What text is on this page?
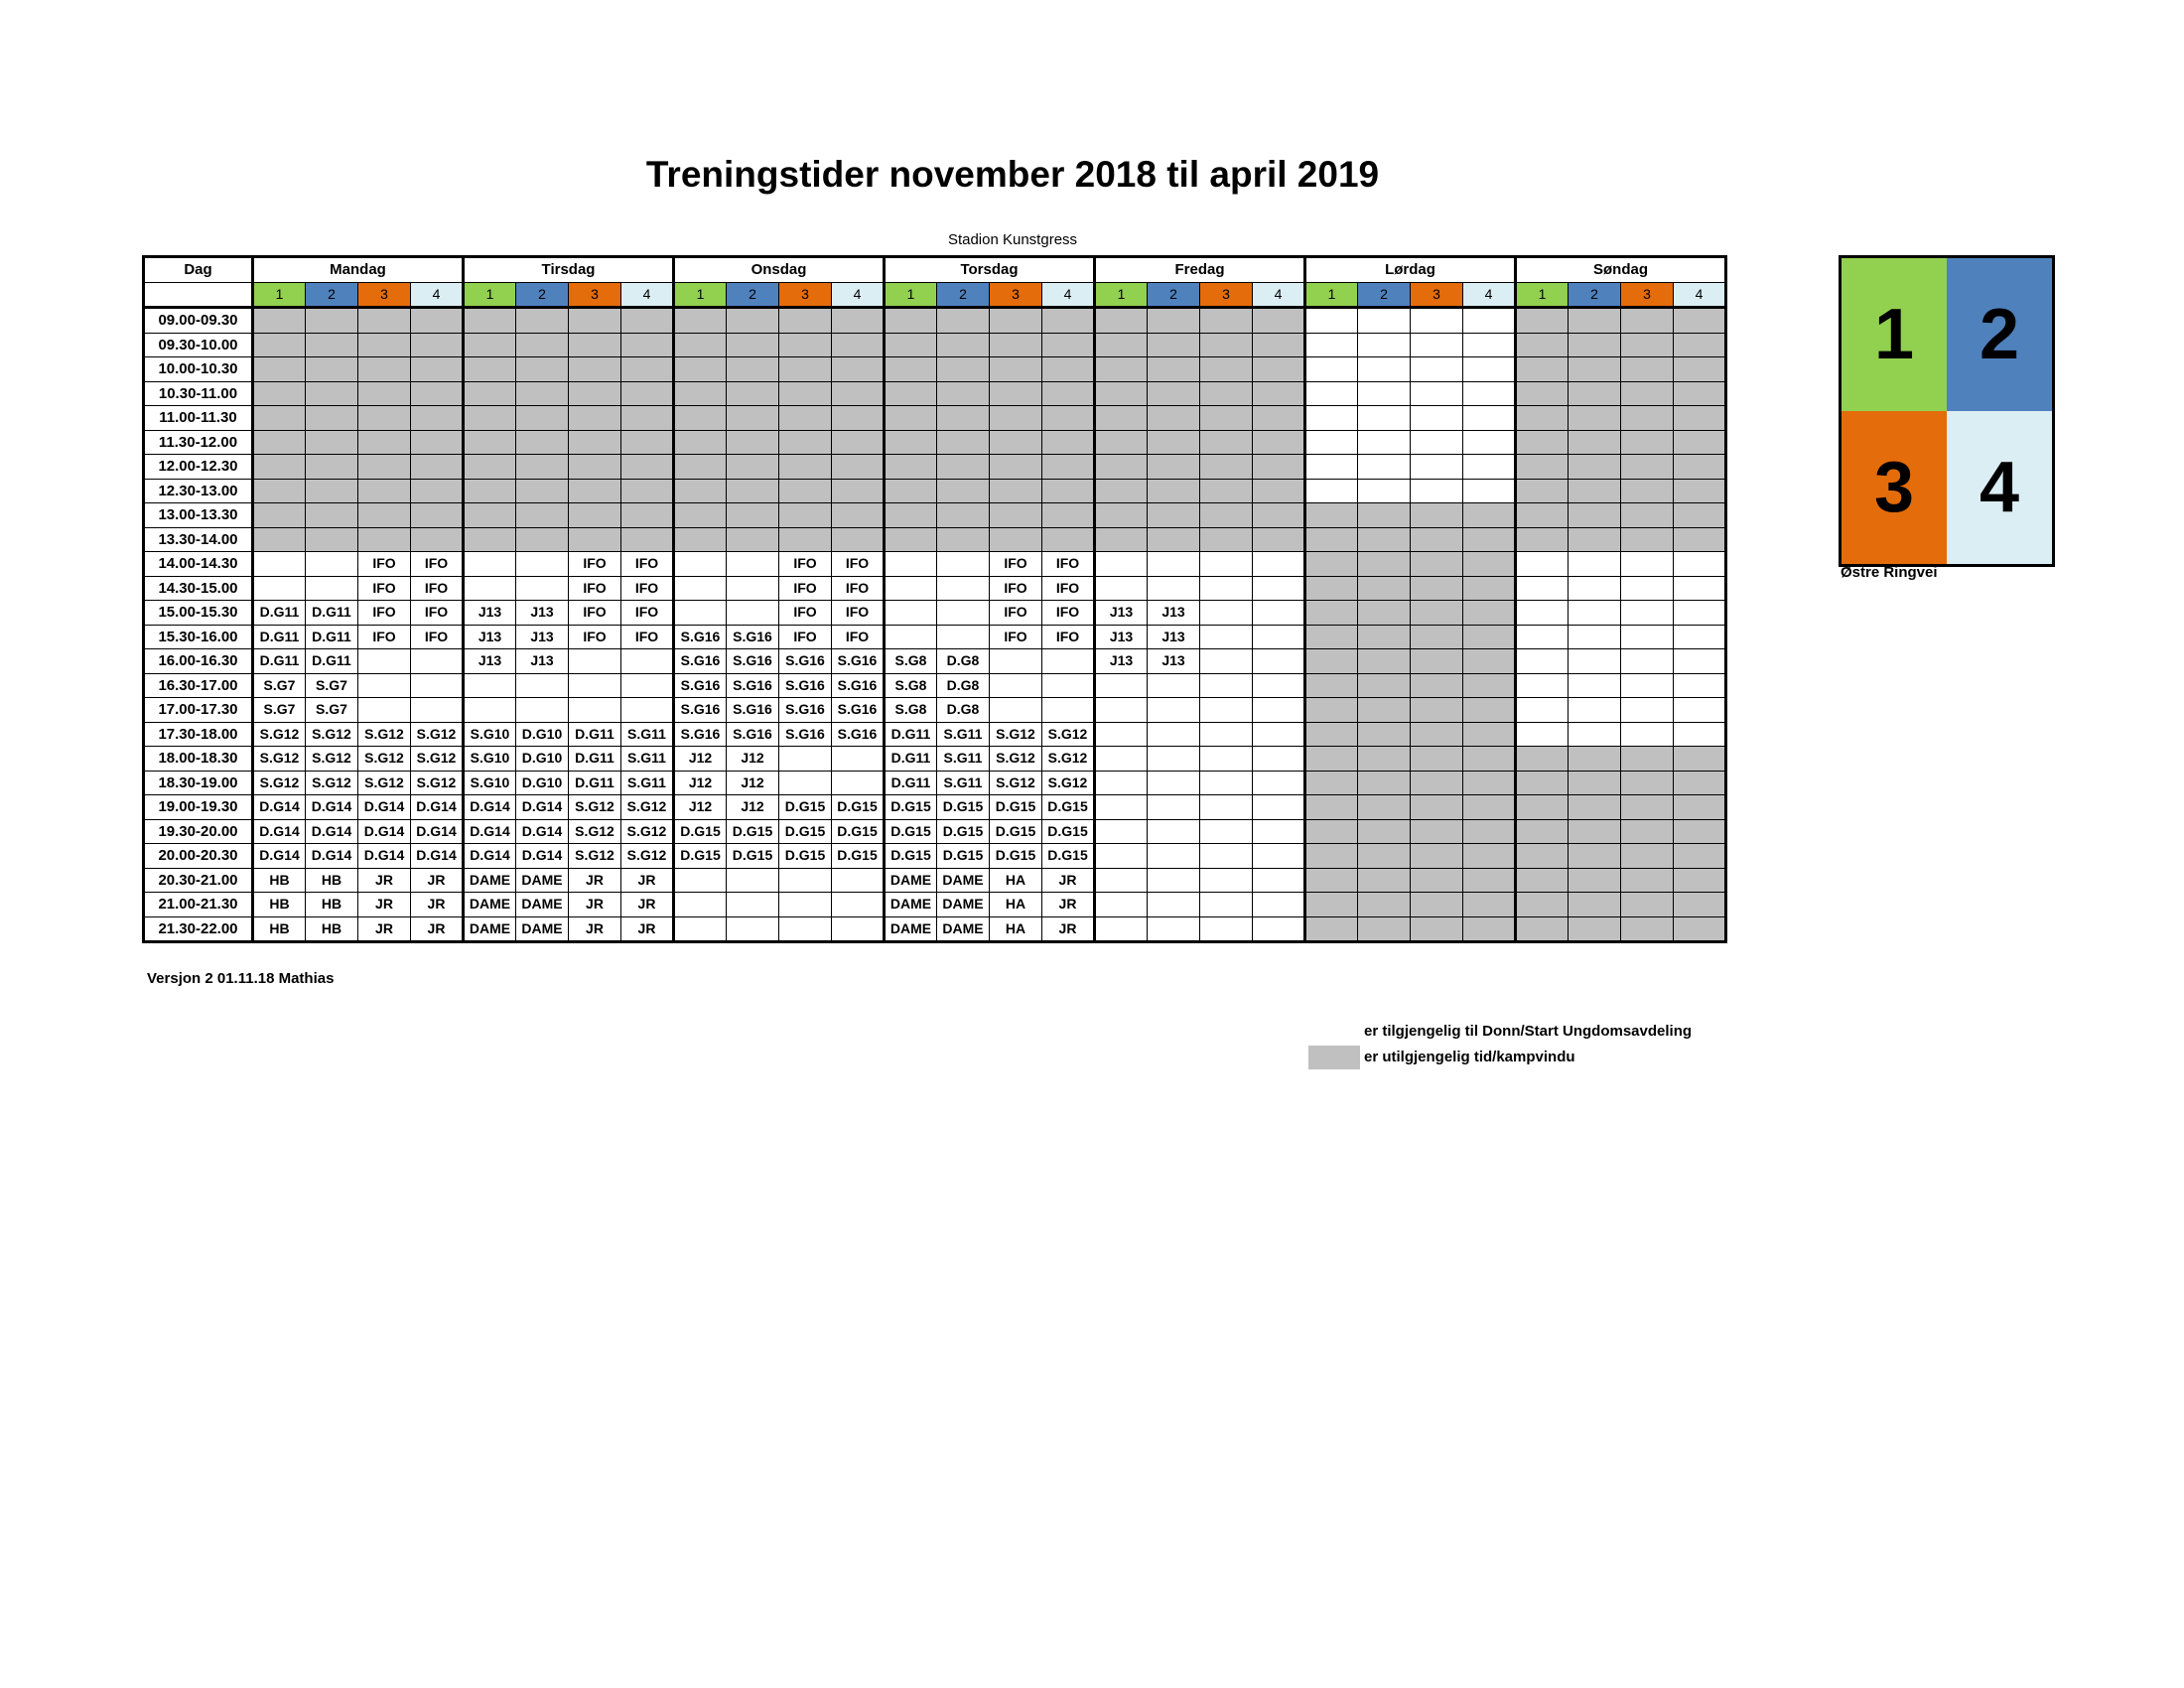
Treningstider november 2018 til april 2019
Stadion Kunstgress
Dag	Mandag				Tirsdag				Onsdag				Torsdag				Fredag				Lørdag				Søndag			
	1	2	3	4	1	2	3	4	1	2	3	4	1	2	3	4	1	2	3	4	1	2	3	4	1	2	3	4
09.00-09.30																												
09.30-10.00																												
10.00-10.30																												
10.30-11.00																												
11.00-11.30																												
11.30-12.00																												
12.00-12.30																												
12.30-13.00																												
13.00-13.30																												
13.30-14.00																												
14.00-14.30			IFO	IFO			IFO	IFO			IFO	IFO			IFO	IFO												
14.30-15.00			IFO	IFO			IFO	IFO			IFO	IFO			IFO	IFO												
15.00-15.30	D.G11	D.G11	IFO	IFO	J13	J13	IFO	IFO			IFO	IFO			IFO	IFO	J13	J13										
15.30-16.00	D.G11	D.G11	IFO	IFO	J13	J13	IFO	IFO	S.G16	S.G16	IFO	IFO			IFO	IFO	J13	J13										
16.00-16.30	D.G11	D.G11			J13	J13			S.G16	S.G16	S.G16	S.G16	S.G8	D.G8			J13	J13										
16.30-17.00	S.G7	S.G7							S.G16	S.G16	S.G16	S.G16	S.G8	D.G8														
17.00-17.30	S.G7	S.G7							S.G16	S.G16	S.G16	S.G16	S.G8	D.G8														
17.30-18.00	S.G12	S.G12	S.G12	S.G12	S.G10	D.G10	D.G11	S.G11	S.G16	S.G16	S.G16	S.G16	D.G11	S.G11	S.G12	S.G12												
18.00-18.30	S.G12	S.G12	S.G12	S.G12	S.G10	D.G10	D.G11	S.G11	J12	J12			D.G11	S.G11	S.G12	S.G12												
18.30-19.00	S.G12	S.G12	S.G12	S.G12	S.G10	D.G10	D.G11	S.G11	J12	J12			D.G11	S.G11	S.G12	S.G12												
19.00-19.30	D.G14	D.G14	D.G14	D.G14	D.G14	D.G14	S.G12	S.G12	J12	J12	D.G15	D.G15	D.G15	D.G15	D.G15	D.G15												
19.30-20.00	D.G14	D.G14	D.G14	D.G14	D.G14	D.G14	S.G12	S.G12	D.G15	D.G15	D.G15	D.G15	D.G15	D.G15	D.G15	D.G15												
20.00-20.30	D.G14	D.G14	D.G14	D.G14	D.G14	D.G14	S.G12	S.G12	D.G15	D.G15	D.G15	D.G15	D.G15	D.G15	D.G15	D.G15												
20.30-21.00	HB	HB	JR	JR	DAME	DAME	JR	JR					DAME	DAME	HA	JR												
21.00-21.30	HB	HB	JR	JR	DAME	DAME	JR	JR					DAME	DAME	HA	JR												
21.30-22.00	HB	HB	JR	JR	DAME	DAME	JR	JR					DAME	DAME	HA	JR												
Versjon 2 01.11.18 Mathias
1 2
3 4
Østre Ringvei
er tilgjengelig til Donn/Start Ungdomsavdeling
er utilgjengelig tid/kampvindu
